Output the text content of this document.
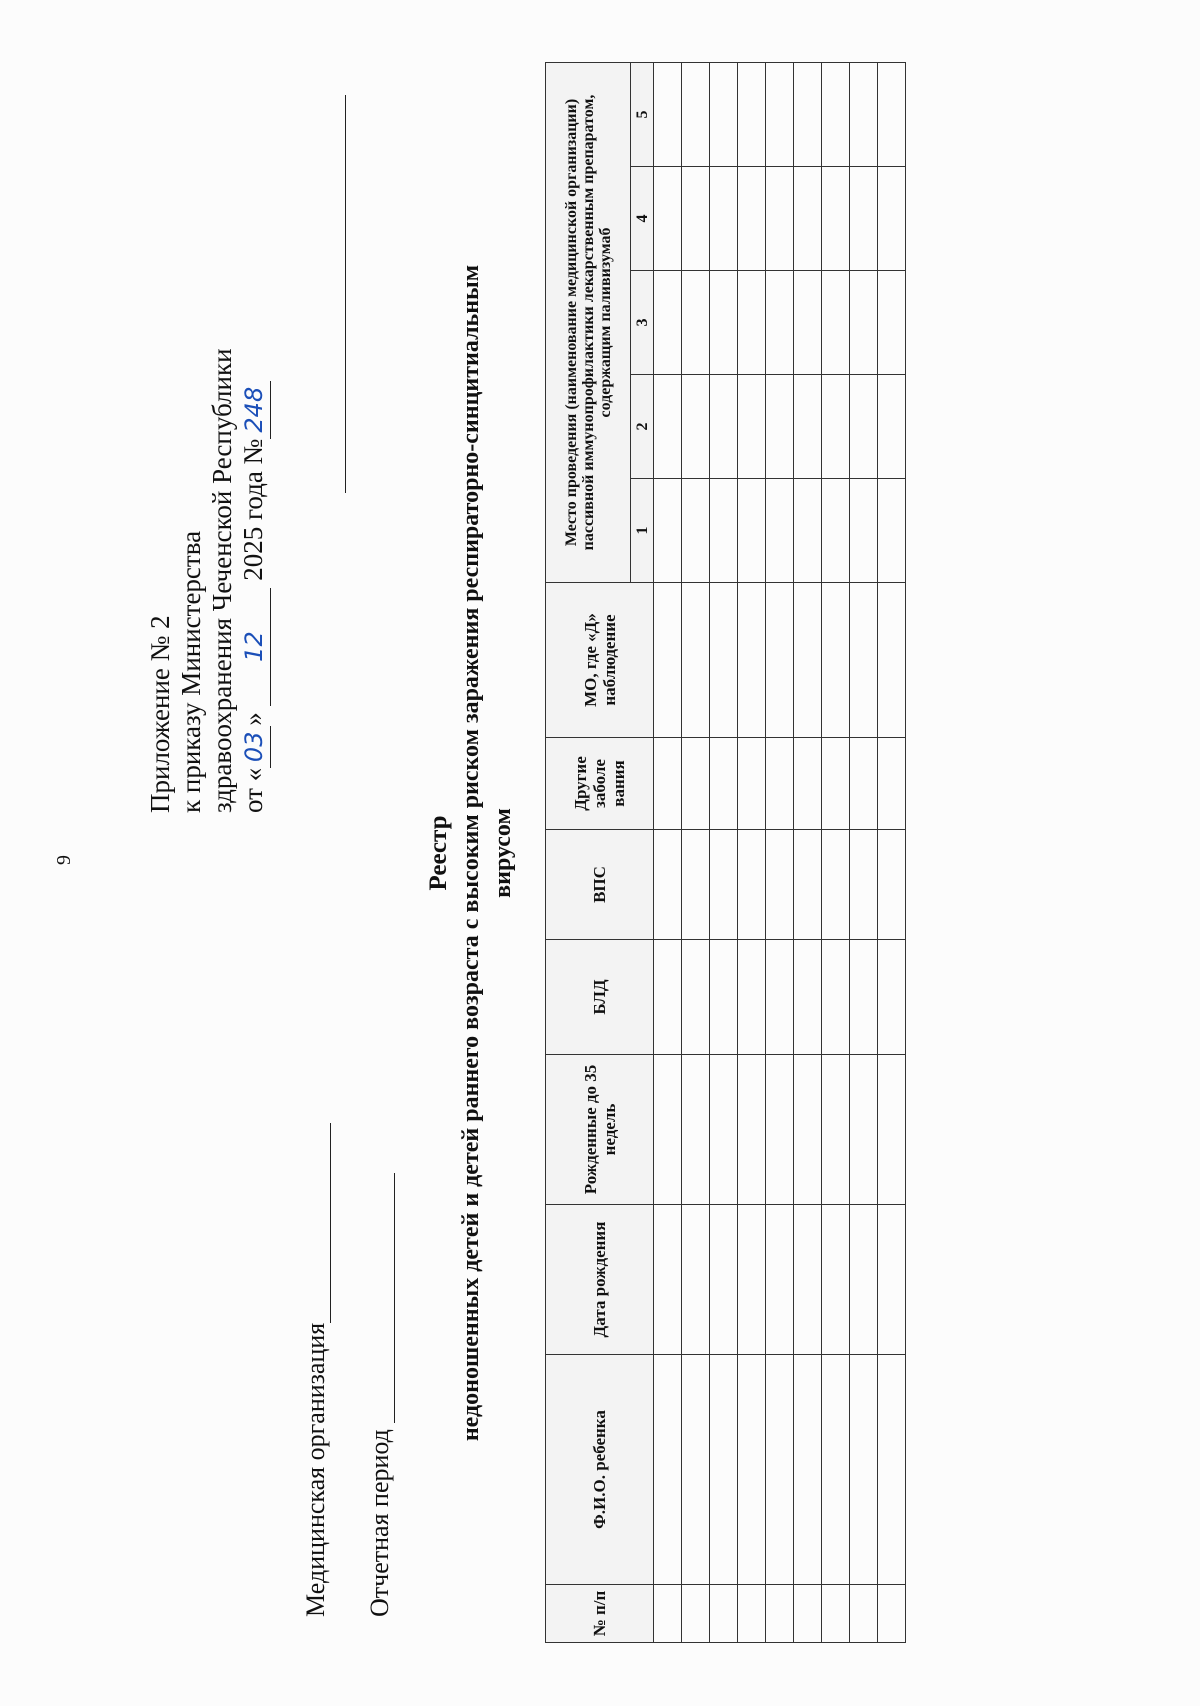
9
Приложение № 2 к приказу Министерства здравоохранения Чеченской Республики от «03» 12 2025 года №248
Медицинская организация Отчетная период
Реестр недоношенных детей и детей раннего возраста с высоким риском заражения респираторно-синцитиальным вирусом
№ п/п	Ф.И.О. ребенка	Дата рождения	Рожденные до 35 недель	БЛД	ВПС	Другие заболе вания	МО, где «Д» наблюдение	Место проведения (наименование медицинской организации) пассивной иммунопрофилактики лекарственным препаратом, содержащим паливизумаб				
								1	2	3	4	5
